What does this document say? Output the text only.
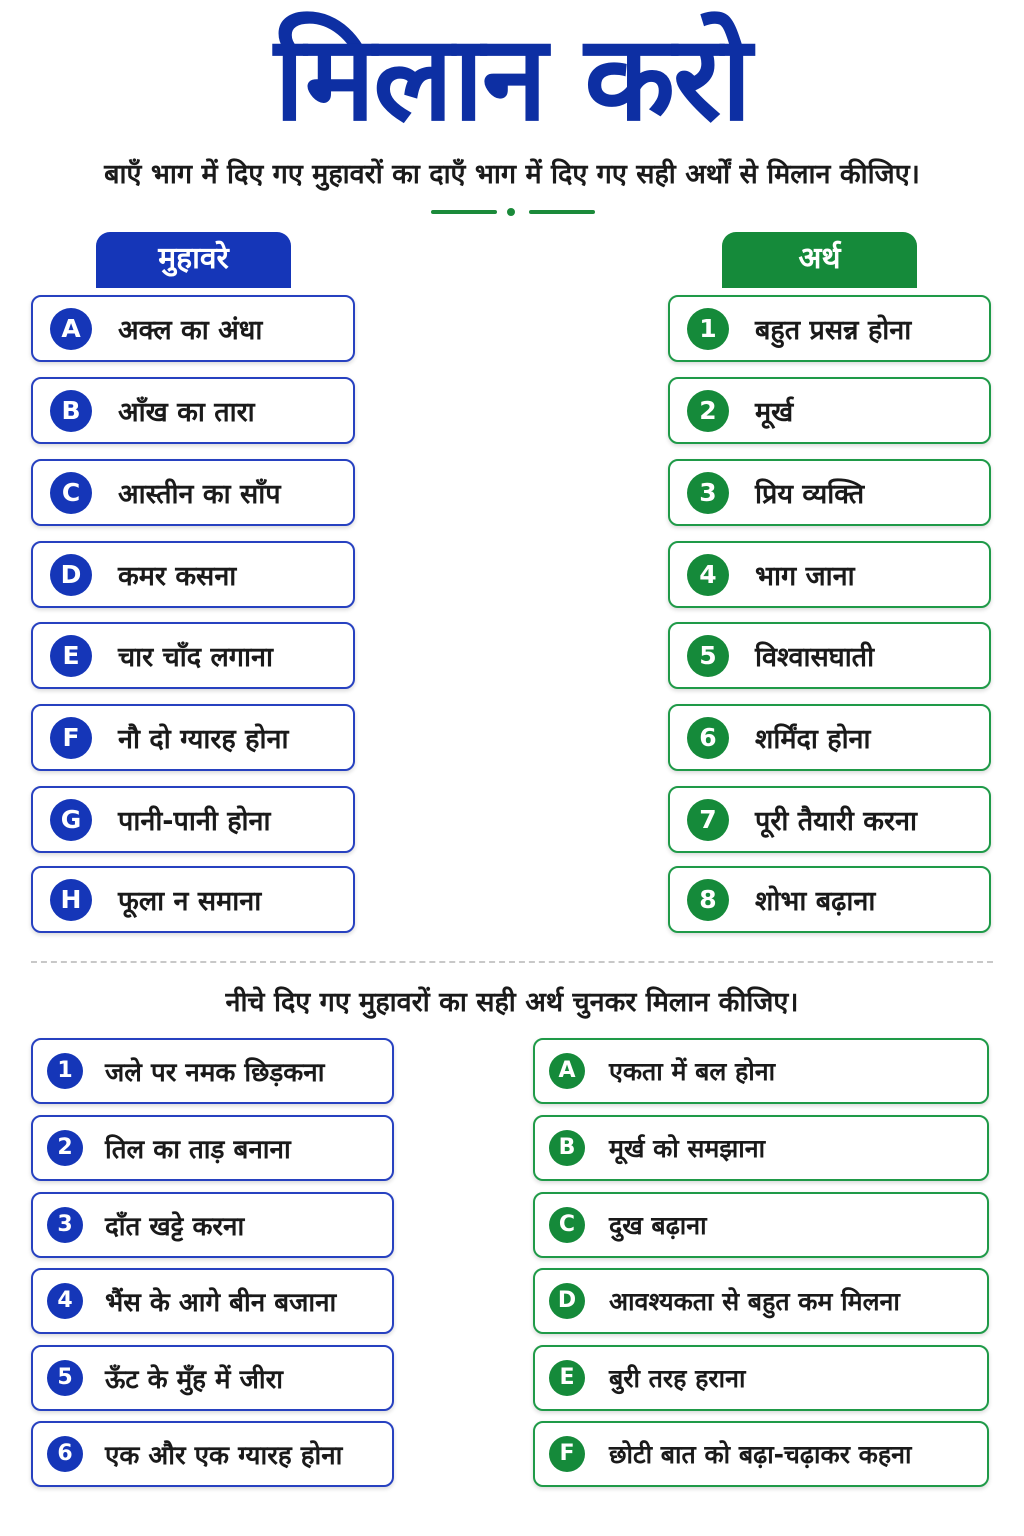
मिलान करो
बाएँ भाग में दिए गए मुहावरों का दाएँ भाग में दिए गए सही अर्थों से मिलान कीजिए।
मुहावरे	अर्थ
A	अक्ल का अंधा
B	आँख का तारा
C	आस्तीन का साँप
D	कमर कसना
E	चार चाँद लगाना
F	नौ दो ग्यारह होना
G	पानी-पानी होना
H	फूला न समाना
1	बहुत प्रसन्न होना
2	मूर्ख
3	प्रिय व्यक्ति
4	भाग जाना
5	विश्वासघाती
6	शर्मिंदा होना
7	पूरी तैयारी करना
8	शोभा बढ़ाना
नीचे दिए गए मुहावरों का सही अर्थ चुनकर मिलान कीजिए।
1	जले पर नमक छिड़कना
2	तिल का ताड़ बनाना
3	दाँत खट्टे करना
4	भैंस के आगे बीन बजाना
5	ऊँट के मुँह में जीरा
6	एक और एक ग्यारह होना
A	एकता में बल होना
B	मूर्ख को समझाना
C	दुख बढ़ाना
D	आवश्यकता से बहुत कम मिलना
E	बुरी तरह हराना
F	छोटी बात को बढ़ा-चढ़ाकर कहना
